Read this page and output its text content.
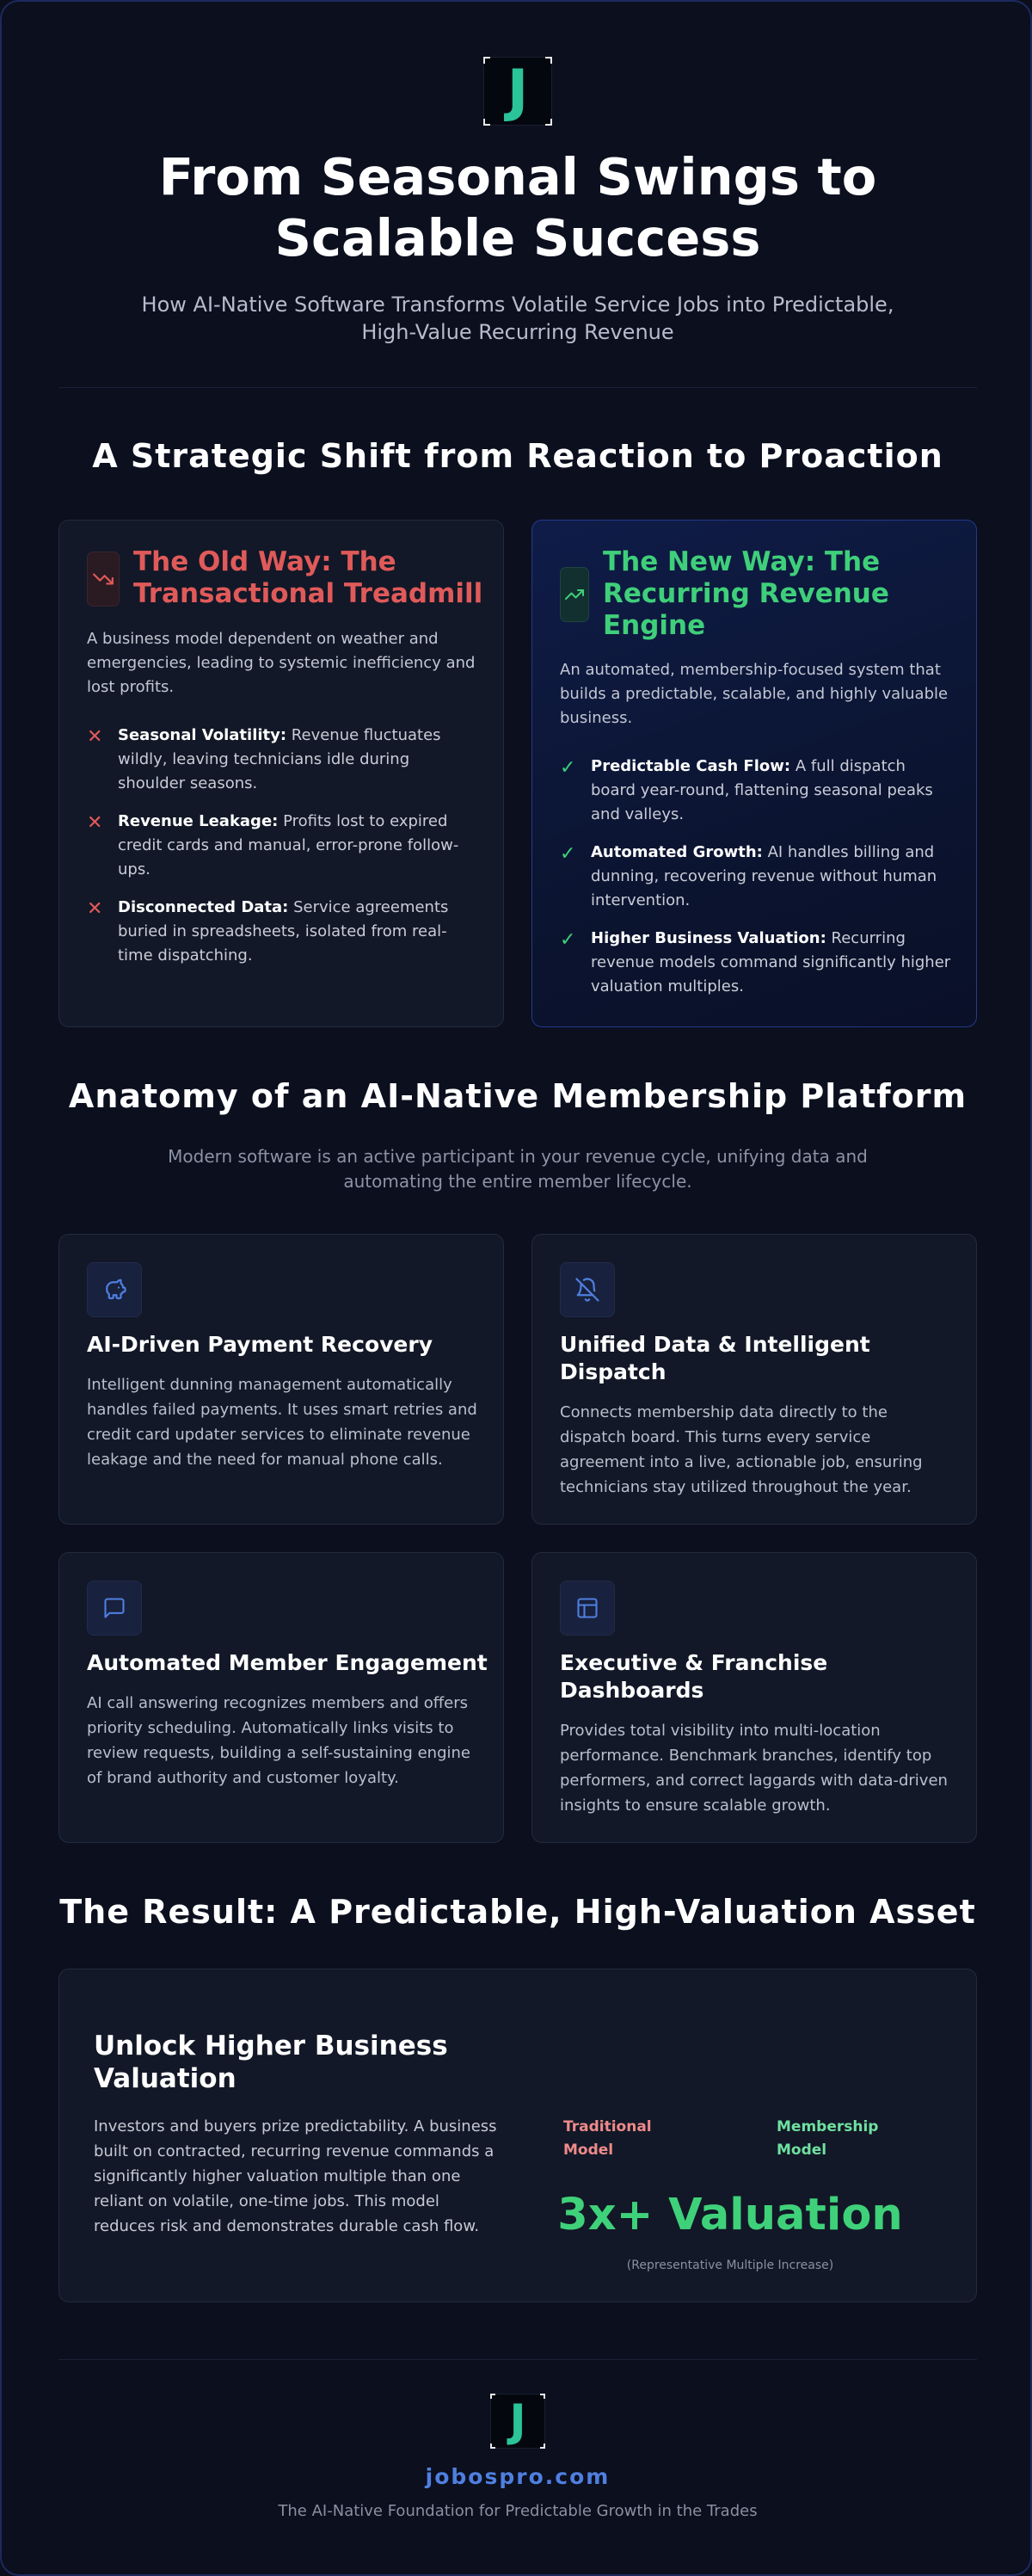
J
From Seasonal Swings to
Scalable Success
How AI-Native Software Transforms Volatile Service Jobs into Predictable, High-Value Recurring Revenue
A Strategic Shift from Reaction to Proaction
The Old Way: The Transactional Treadmill
A business model dependent on weather and emergencies, leading to systemic inefficiency and lost profits.
✕ Seasonal Volatility: Revenue fluctuates wildly, leaving technicians idle during shoulder seasons.
✕ Revenue Leakage: Profits lost to expired credit cards and manual, error-prone follow-ups.
✕ Disconnected Data: Service agreements buried in spreadsheets, isolated from real-time dispatching.
The New Way: The Recurring Revenue Engine
An automated, membership-focused system that builds a predictable, scalable, and highly valuable business.
✓ Predictable Cash Flow: A full dispatch board year-round, flattening seasonal peaks and valleys.
✓ Automated Growth: AI handles billing and dunning, recovering revenue without human intervention.
✓ Higher Business Valuation: Recurring revenue models command significantly higher valuation multiples.
Anatomy of an AI-Native Membership Platform
Modern software is an active participant in your revenue cycle, unifying data and automating the entire member lifecycle.
AI-Driven Payment Recovery
Intelligent dunning management automatically handles failed payments. It uses smart retries and credit card updater services to eliminate revenue leakage and the need for manual phone calls.
Unified Data & Intelligent Dispatch
Connects membership data directly to the dispatch board. This turns every service agreement into a live, actionable job, ensuring technicians stay utilized throughout the year.
Automated Member Engagement
AI call answering recognizes members and offers priority scheduling. Automatically links visits to review requests, building a self-sustaining engine of brand authority and customer loyalty.
Executive & Franchise Dashboards
Provides total visibility into multi-location performance. Benchmark branches, identify top performers, and correct laggards with data-driven insights to ensure scalable growth.
The Result: A Predictable, High-Valuation Asset
Unlock Higher Business Valuation
Investors and buyers prize predictability. A business built on contracted, recurring revenue commands a significantly higher valuation multiple than one reliant on volatile, one-time jobs. This model reduces risk and demonstrates durable cash flow.
Traditional Model
Membership Model
3x+ Valuation
(Representative Multiple Increase)
J
jobospro.com
The AI-Native Foundation for Predictable Growth in the Trades
